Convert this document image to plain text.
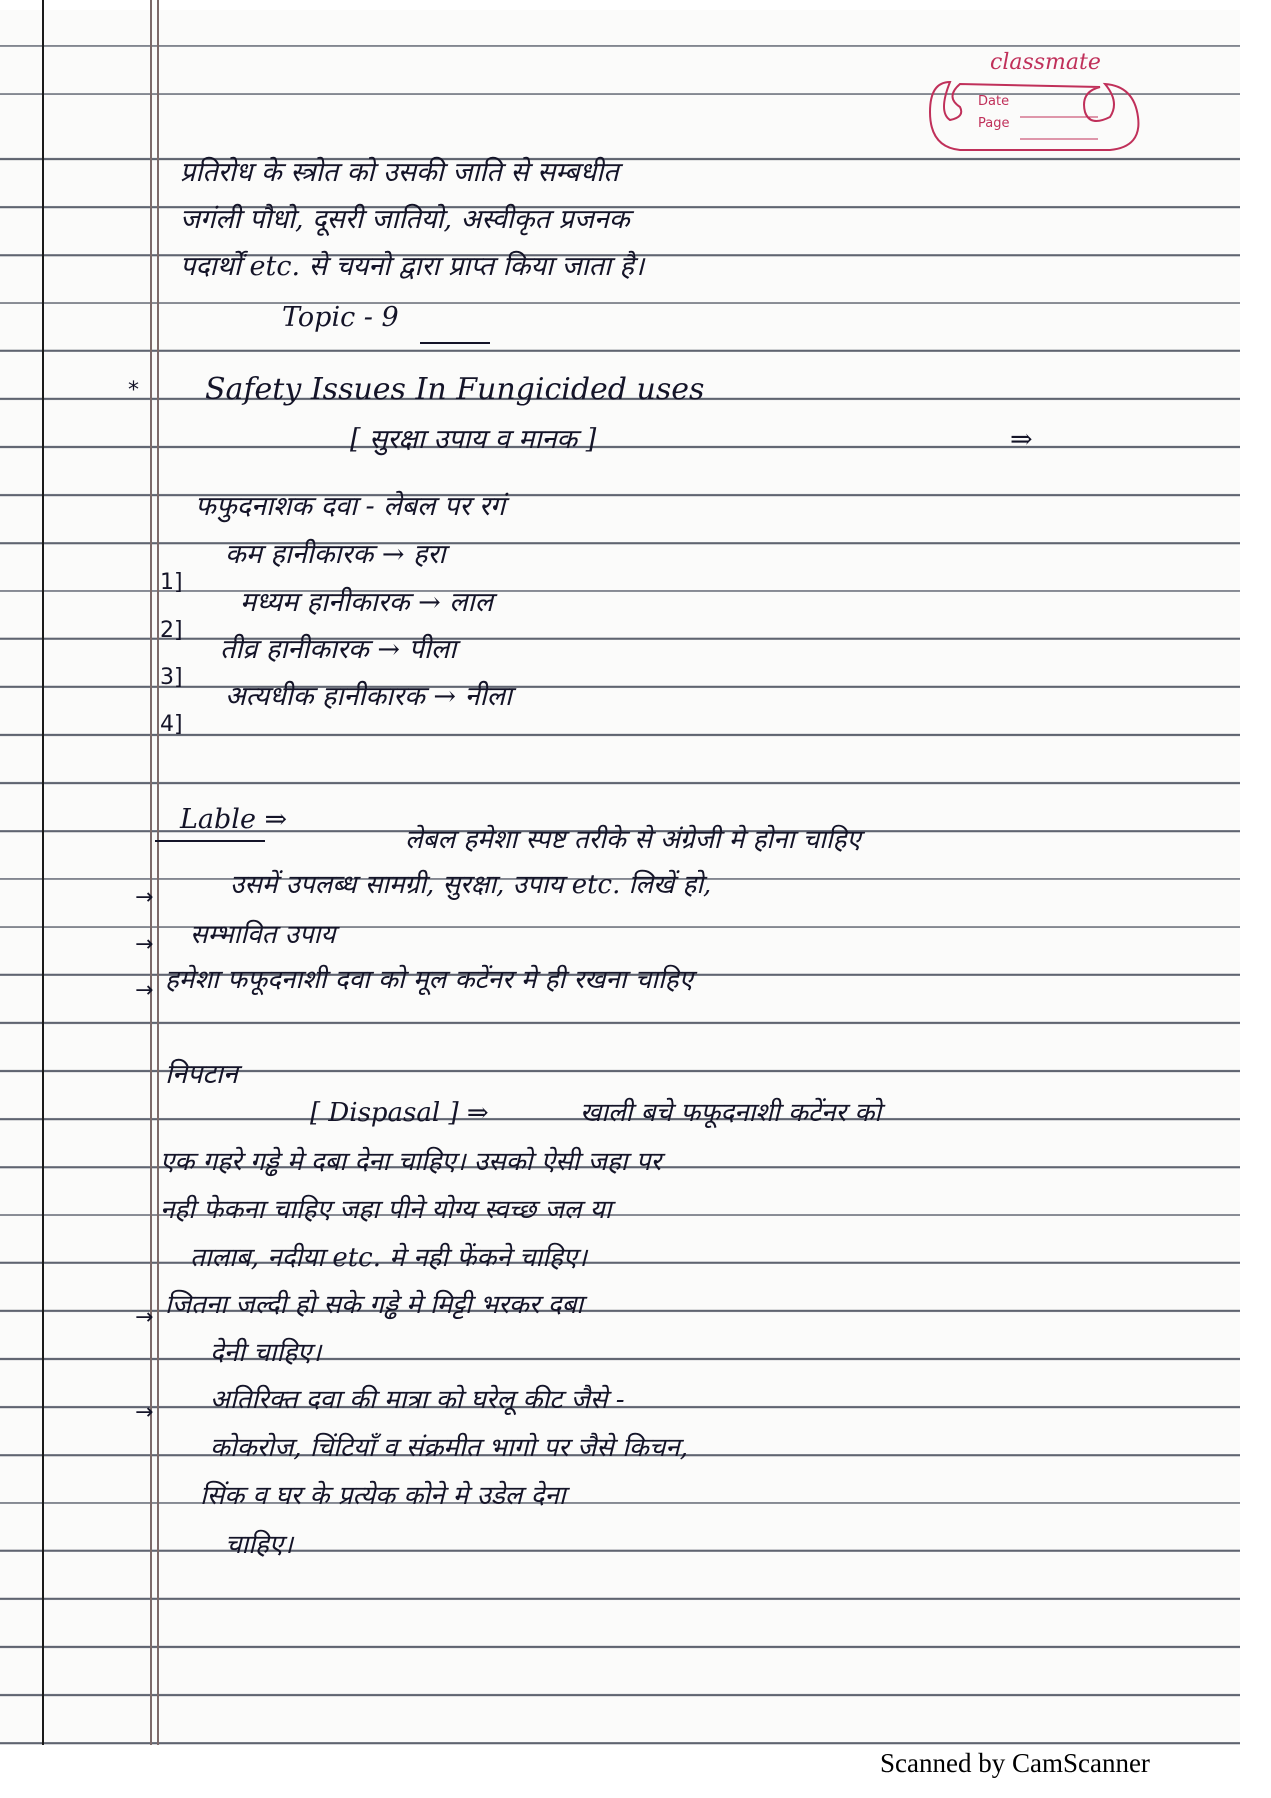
classmate
Date
Page
प्रतिरोध के स्त्रोत को उसकी जाति से सम्बधीत
जगंली पौधो, दूसरी जातियो, अस्वीकृत प्रजनक
पदार्थों etc. से चयनो द्वारा प्राप्त किया जाता है।
Topic - 9
* Safety Issues In Fungicided uses
[ सुरक्षा उपाय व मानक ]	⇒
फफुदनाशक दवा - लेबल पर रगं
कम हानीकारक → हरा
1]
मध्यम हानीकारक → लाल
2]
तीव्र हानीकारक → पीला
3]
अत्यधीक हानीकारक → नीला
4]
Lable ⇒
लेबल हमेशा स्पष्ट तरीके से अंग्रेजी मे होना चाहिए
→	उसमें उपलब्ध सामग्री, सुरक्षा, उपाय etc. लिखें हो,
→ सम्भावित उपाय
→ हमेशा फफूदनाशी दवा को मूल कटेंनर मे ही रखना चाहिए
निपटान
[ Dispasal ] ⇒	खाली बचे फफूदनाशी कटेंनर को
एक गहरे गड्ढे मे दबा देना चाहिए। उसको ऐसी जहा पर
नही फेकना चाहिए जहा पीने योग्य स्वच्छ जल या
तालाब, नदीया etc. मे नही फेंकने चाहिए।
→ जितना जल्दी हो सके गड्ढे मे मिट्टी भरकर दबा
देनी चाहिए।
→ अतिरिक्त दवा की मात्रा को घरेलू कीट जैसे -
कोकरोज, चिंटियाँ व संक्रमीत भागो पर जैसे किचन,
सिंक व घर के प्रत्येक कोने मे उडेल देना
चाहिए।
Scanned by CamScanner
